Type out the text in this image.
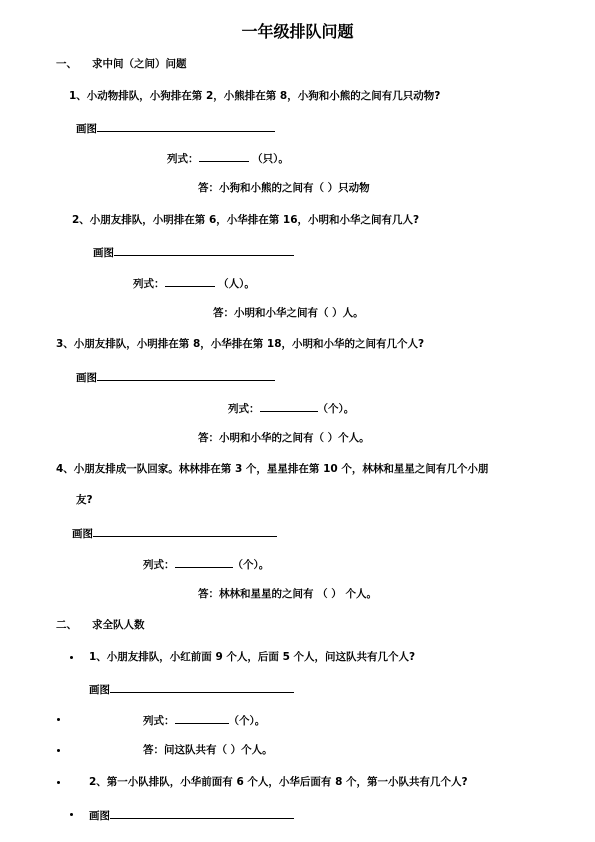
一年级排队问题
一、 求中间（之间）问题
1、小动物排队，小狗排在第 2，小熊排在第 8，小狗和小熊的之间有几只动物?
画图
列式：	（只）。
答：小狗和小熊的之间有（ ）只动物
2、小朋友排队，小明排在第 6，小华排在第 16，小明和小华之间有几人?
画图
列式：	（人）。
答：小明和小华之间有（ ）人。
3、小朋友排队，小明排在第 8，小华排在第 18，小明和小华的之间有几个人?
画图
列式：	（个）。
答：小明和小华的之间有（ ）个人。
4、小朋友排成一队回家。林林排在第 3 个，星星排在第 10 个，林林和星星之间有几个小朋
友?
画图
列式：	（个）。
答：林林和星星的之间有 （ ） 个人。
二、 求全队人数
1、小朋友排队，小红前面 9 个人，后面 5 个人，问这队共有几个人?
画图
列式：	（个）。
答：问这队共有（ ）个人。
2、第一小队排队，小华前面有 6 个人，小华后面有 8 个，第一小队共有几个人?
画图
